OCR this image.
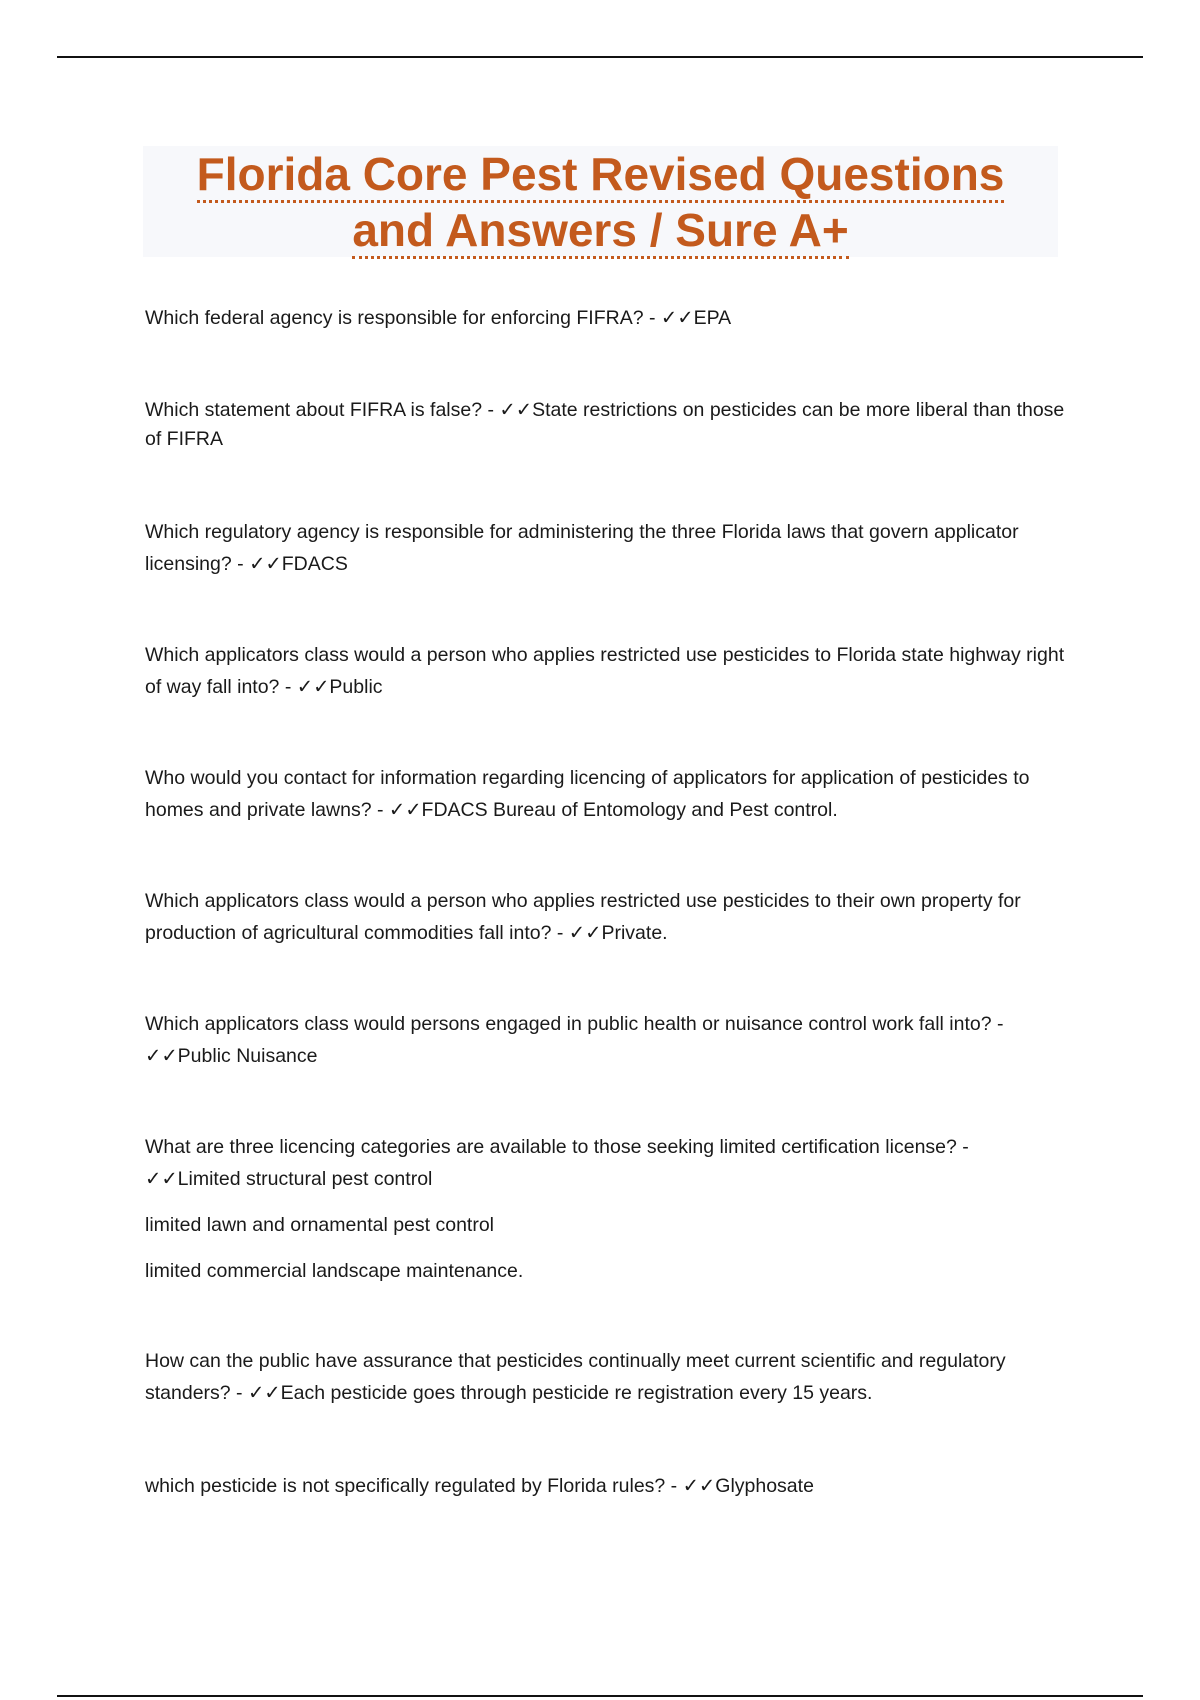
Florida Core Pest Revised Questions
and Answers / Sure A+

Which federal agency is responsible for enforcing FIFRA? - ✓✓EPA

Which statement about FIFRA is false? - ✓✓State restrictions on pesticides can be more liberal than those of FIFRA

Which regulatory agency is responsible for administering the three Florida laws that govern applicator licensing? - ✓✓FDACS

Which applicators class would a person who applies restricted use pesticides to Florida state highway right of way fall into? - ✓✓Public

Who would you contact for information regarding licencing of applicators for application of pesticides to homes and private lawns? - ✓✓FDACS Bureau of Entomology and Pest control.

Which applicators class would a person who applies restricted use pesticides to their own property for production of agricultural commodities fall into? - ✓✓Private.

Which applicators class would persons engaged in public health or nuisance control work fall into? - ✓✓Public Nuisance

What are three licencing categories are available to those seeking limited certification license? - ✓✓Limited structural pest control

limited lawn and ornamental pest control
limited commercial landscape maintenance.

How can the public have assurance that pesticides continually meet current scientific and regulatory standers? - ✓✓Each pesticide goes through pesticide re registration every 15 years.

which pesticide is not specifically regulated by Florida rules? - ✓✓Glyphosate
